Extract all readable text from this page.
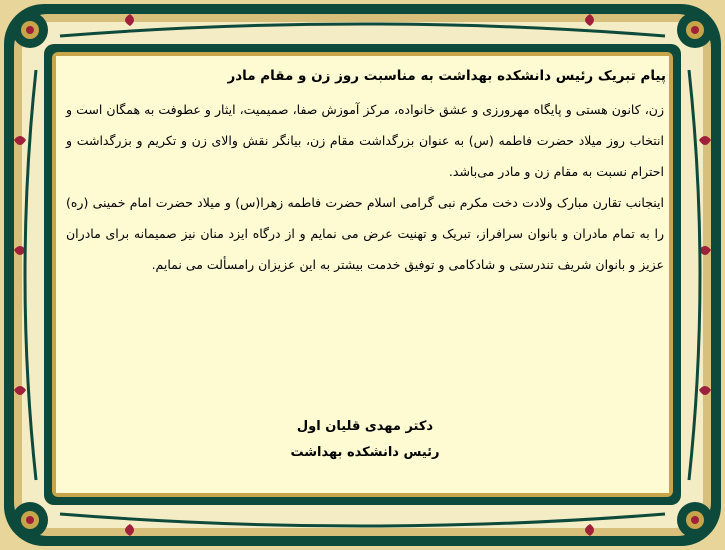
پیام تبریک رئیس دانشکده بهداشت به مناسبت روز زن و مقام مادر

زن، کانون هستی و پایگاه مهرورزی و عشق خانواده، مرکز آموزش صفا، صمیمیت، ایثار و عطوفت به همگان است و انتخاب روز میلاد حضرت فاطمه (س) به عنوان بزرگداشت مقام زن، بیانگر نقش والای زن و تکریم و بزرگداشت و احترام نسبت به مقام زن و مادر می‌باشد.

اینجانب تقارن مبارک ولادت دخت مکرم نبی گرامی اسلام حضرت فاطمه زهرا(س) و میلاد حضرت امام خمینی (ره) را به تمام مادران و بانوان سرافراز، تبریک و تهنیت عرض می نمایم و از درگاه ایزد منان نیز صمیمانه برای مادران عزیز و بانوان شریف تندرستی و شادکامی و توفیق خدمت بیشتر به این عزیزان رامسألت می نمایم.

دکتر مهدی قلیان اول
رئیس دانشکده بهداشت
